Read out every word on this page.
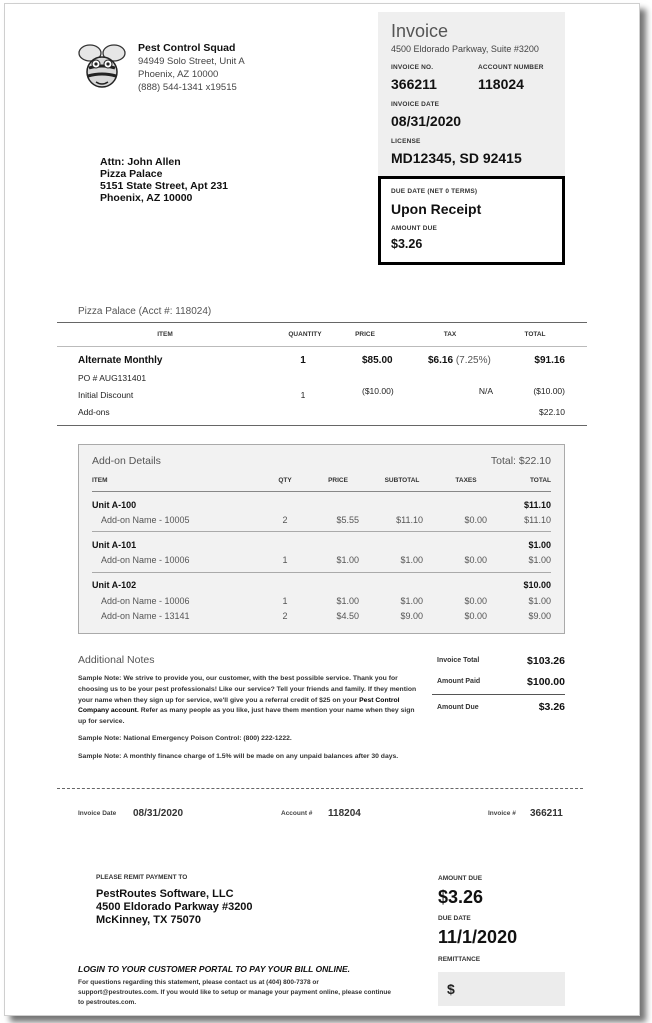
Pest Control Squad
94949 Solo Street, Unit A
Phoenix, AZ 10000
(888) 544-1341 x19515
Invoice
4500 Eldorado Parkway, Suite #3200
INVOICE NO.	ACCOUNT NUMBER
366211	118024
INVOICE DATE
08/31/2020
LICENSE
MD12345, SD 92415
DUE DATE (NET 0 TERMS)
Upon Receipt
AMOUNT DUE
$3.26
Attn: John Allen
Pizza Palace
5151 State Street, Apt 231
Phoenix, AZ 10000
Pizza Palace (Acct #: 118024)
ITEM	QUANTITY	PRICE	TAX	TOTAL
Alternate Monthly	1	$85.00	$6.16 (7.25%)	$91.16
PO # AUG131401
Initial Discount	1	($10.00)	N/A	($10.00)
Add-ons	$22.10
Add-on Details	Total: $22.10
ITEM	QTY	PRICE	SUBTOTAL	TAXES	TOTAL
Unit A-100	$11.10
Add-on Name - 10005	2	$5.55	$11.10	$0.00	$11.10
Unit A-101	$1.00
Add-on Name - 10006	1	$1.00	$1.00	$0.00	$1.00
Unit A-102	$10.00
Add-on Name - 10006	1	$1.00	$1.00	$0.00	$1.00
Add-on Name - 13141	2	$4.50	$9.00	$0.00	$9.00
Additional Notes
Sample Note: We strive to provide you, our customer, with the best possible service. Thank you for choosing us to be your pest professionals! Like our service? Tell your friends and family. If they mention your name when they sign up for service, we'll give you a referral credit of $25 on your Pest Control Company account. Refer as many people as you like, just have them mention your name when they sign up for service.
Sample Note: National Emergency Poison Control: (800) 222-1222.
Sample Note: A monthly finance charge of 1.5% will be made on any unpaid balances after 30 days.
Invoice Total	$103.26
Amount Paid	$100.00
Amount Due	$3.26
Invoice Date 08/31/2020	Account # 118204	Invoice # 366211
PLEASE REMIT PAYMENT TO
PestRoutes Software, LLC
4500 Eldorado Parkway #3200
McKinney, TX 75070
AMOUNT DUE
$3.26
DUE DATE
11/1/2020
REMITTANCE
$
LOGIN TO YOUR CUSTOMER PORTAL TO PAY YOUR BILL ONLINE.
For questions regarding this statement, please contact us at (404) 800-7378 or support@pestroutes.com. If you would like to setup or manage your payment online, please continue to pestroutes.com.
